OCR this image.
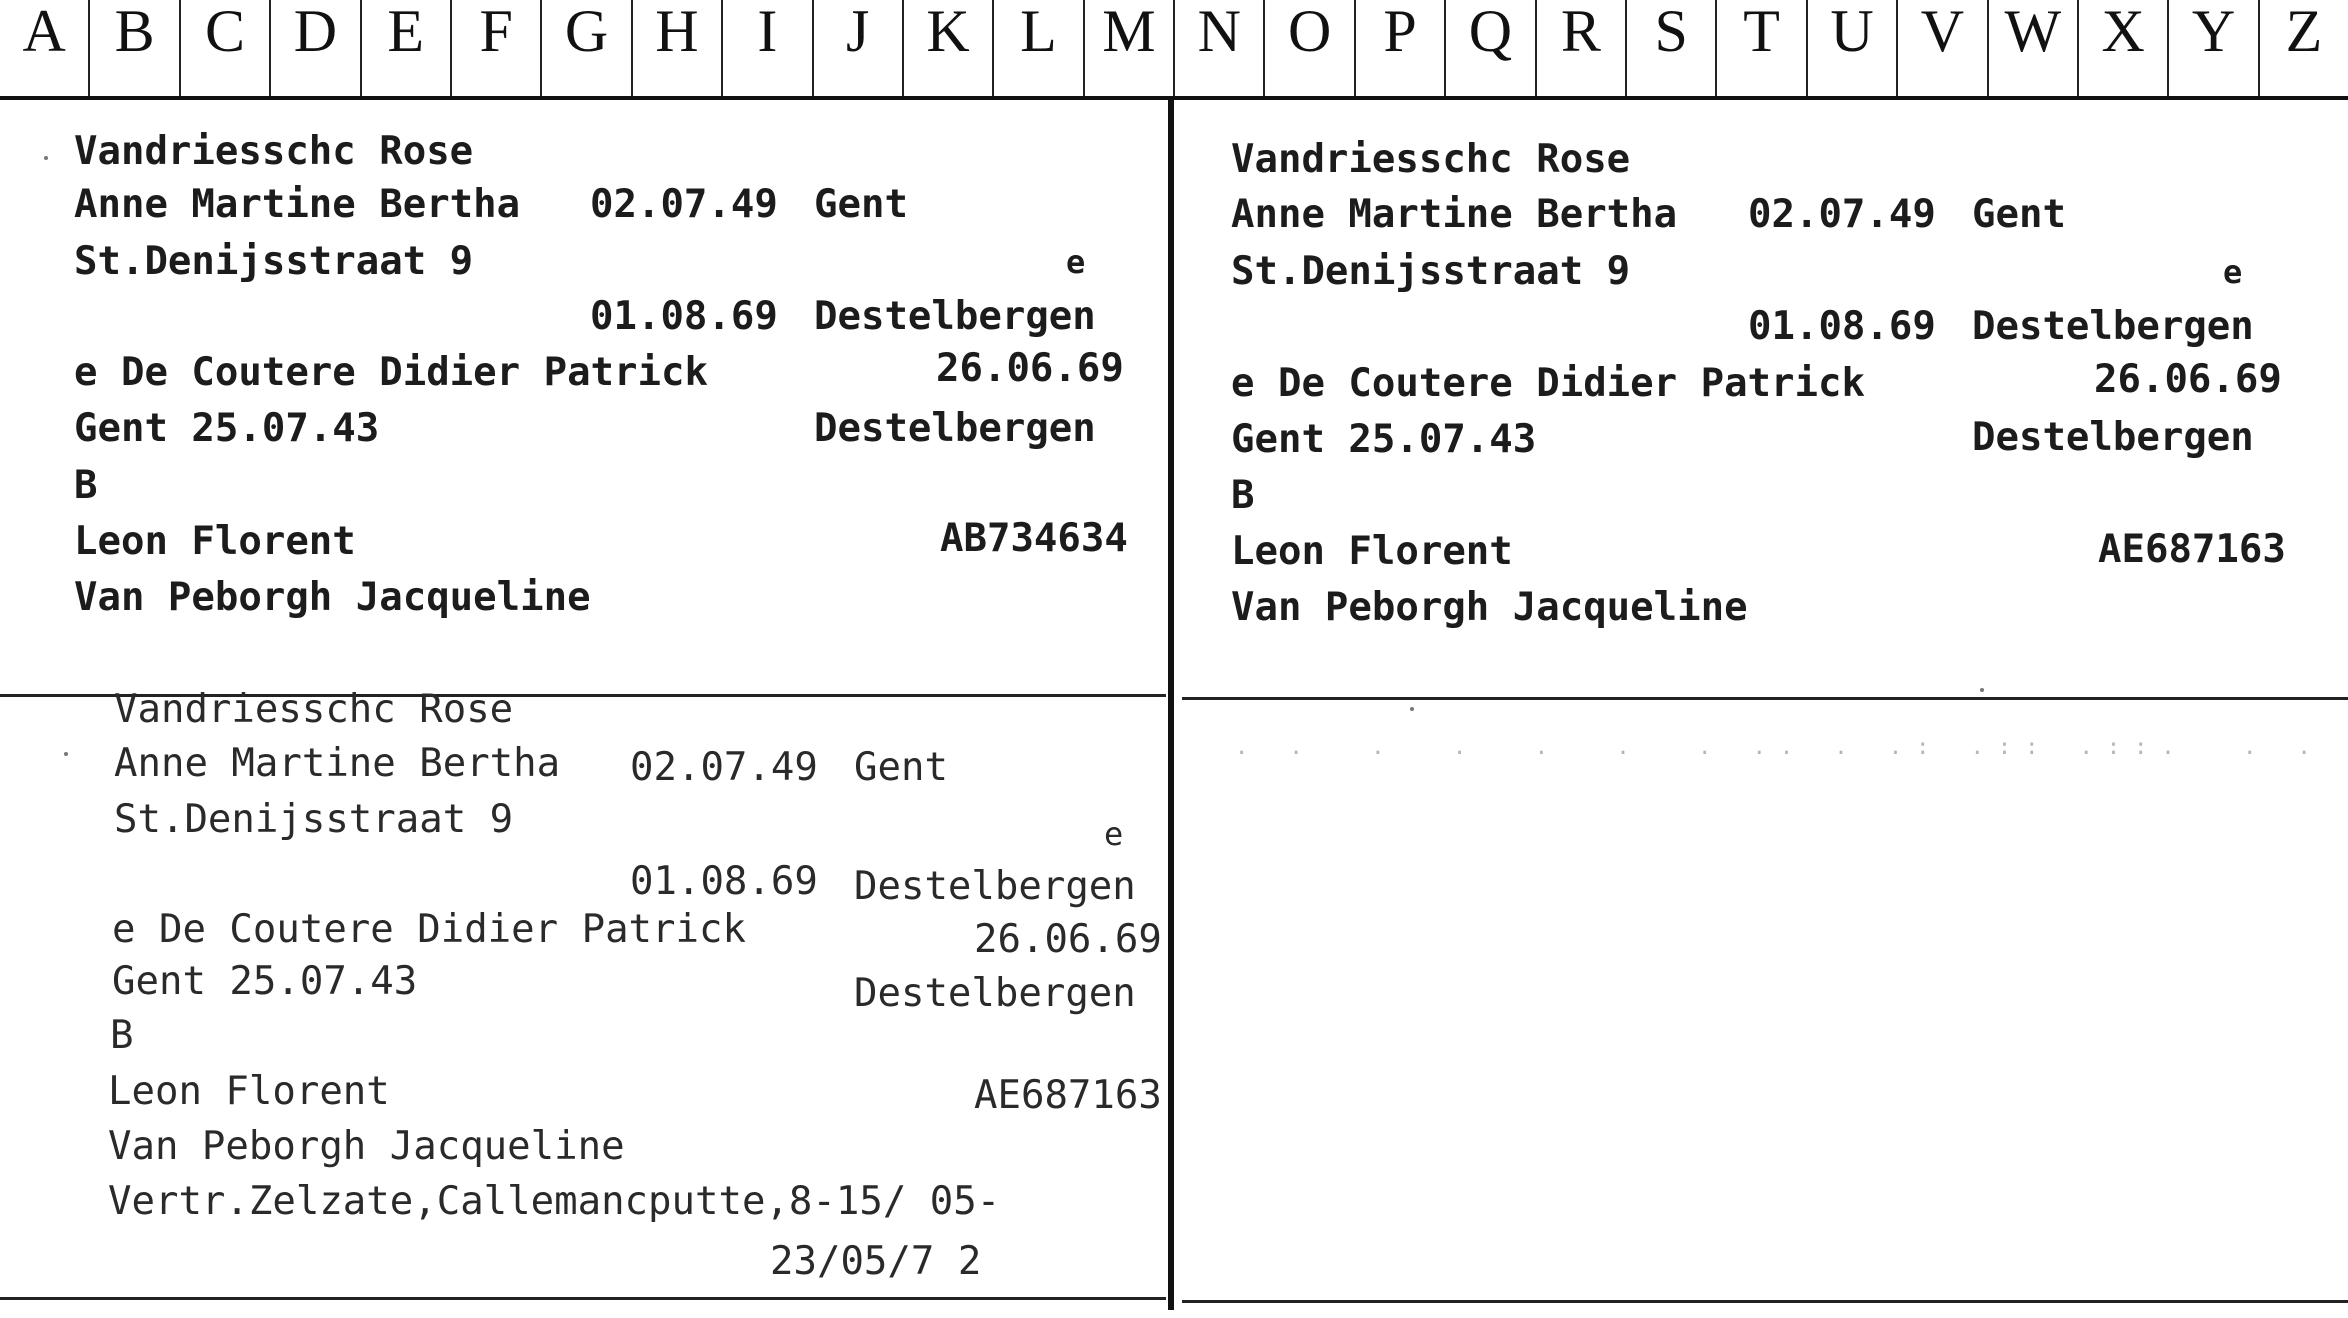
A B C D E F G H I	J K L M N O P Q R S T U V W X Y Z
Vandriesschc Rose
Anne Martine Bertha 02.07.49 Gent
St.Denijsstraat 9	e
01.08.69 Destelbergen
e De Coutere Didier Patrick	26.06.69
Gent 25.07.43	Destelbergen
B
Leon Florent	AB734634
Van Peborgh Jacqueline
Vandriesschc Rose
Anne Martine Bertha 02.07.49 Gent
St.Denijsstraat 9	e
01.08.69 Destelbergen
e De Coutere Didier Patrick	26.06.69
Gent 25.07.43	Destelbergen
B
Leon Florent	AE687163
Van Peborgh Jacqueline
Vandriesschc Rose
Anne Martine Bertha 02.07.49 Gent
St.Denijsstraat 9	e
01.08.69 Destelbergen
e De Coutere Didier Patrick	26.06.69
Gent 25.07.43	Destelbergen
B
Leon Florent	AE687163
Van Peborgh Jacqueline
Vertr.Zelzate,Callemancputte,8-15/ 05-
23/05/7 2
. .  .  .  .  .  . .. . .: .:: .::.  . .
